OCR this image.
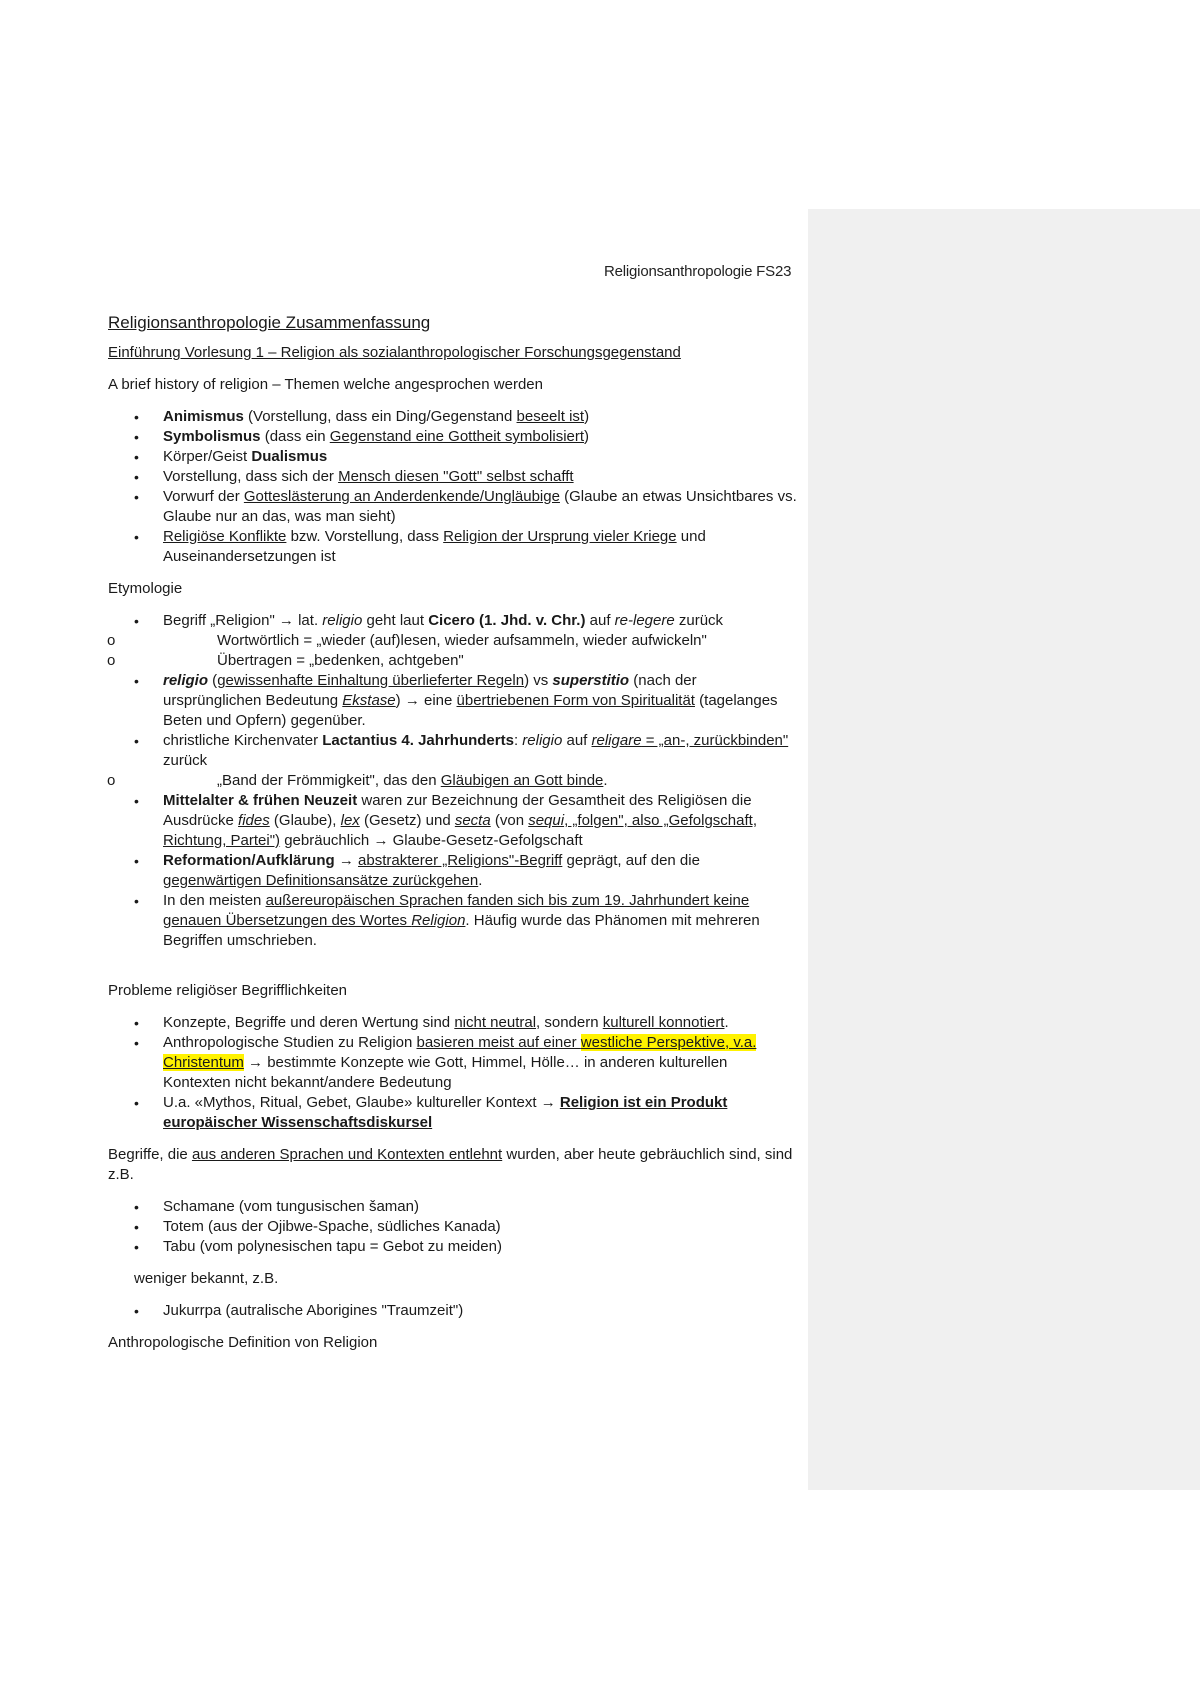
Religionsanthropologie FS23

Religionsanthropologie Zusammenfassung

Einführung Vorlesung 1 – Religion als sozialanthropologischer Forschungsgegenstand

A brief history of religion – Themen welche angesprochen werden

• Animismus (Vorstellung, dass ein Ding/Gegenstand beseelt ist)
• Symbolismus (dass ein Gegenstand eine Gottheit symbolisiert)
• Körper/Geist Dualismus
• Vorstellung, dass sich der Mensch diesen "Gott" selbst schafft
• Vorwurf der Gotteslästerung an Anderdenkende/Ungläubige (Glaube an etwas Unsichtbares vs. Glaube nur an das, was man sieht)
• Religiöse Konflikte bzw. Vorstellung, dass Religion der Ursprung vieler Kriege und Auseinandersetzungen ist

Etymologie

• Begriff „Religion" → lat. religio geht laut Cicero (1. Jhd. v. Chr.) auf re-legere zurück
o Wortwörtlich = „wieder (auf)lesen, wieder aufsammeln, wieder aufwickeln"
o Übertragen = „bedenken, achtgeben"
• religio (gewissenhafte Einhaltung überlieferter Regeln) vs superstitio (nach der ursprünglichen Bedeutung Ekstase) → eine übertriebenen Form von Spiritualität (tagelanges Beten und Opfern) gegenüber.
• christliche Kirchenvater Lactantius 4. Jahrhunderts: religio auf religare = „an-, zurückbinden" zurück
o „Band der Frömmigkeit", das den Gläubigen an Gott binde.
• Mittelalter & frühen Neuzeit waren zur Bezeichnung der Gesamtheit des Religiösen die Ausdrücke fides (Glaube), lex (Gesetz) und secta (von sequi, „folgen", also „Gefolgschaft, Richtung, Partei") gebräuchlich → Glaube-Gesetz-Gefolgschaft
• Reformation/Aufklärung → abstrakterer „Religions"-Begriff geprägt, auf den die gegenwärtigen Definitionsansätze zurückgehen.
• In den meisten außereuropäischen Sprachen fanden sich bis zum 19. Jahrhundert keine genauen Übersetzungen des Wortes Religion. Häufig wurde das Phänomen mit mehreren Begriffen umschrieben.

Probleme religiöser Begrifflichkeiten

• Konzepte, Begriffe und deren Wertung sind nicht neutral, sondern kulturell konnotiert.
• Anthropologische Studien zu Religion basieren meist auf einer westliche Perspektive, v.a. Christentum → bestimmte Konzepte wie Gott, Himmel, Hölle… in anderen kulturellen Kontexten nicht bekannt/andere Bedeutung
• U.a. «Mythos, Ritual, Gebet, Glaube» kultureller Kontext → Religion ist ein Produkt europäischer Wissenschaftsdiskursel

Begriffe, die aus anderen Sprachen und Kontexten entlehnt wurden, aber heute gebräuchlich sind, sind z.B.

• Schamane (vom tungusischen šaman)
• Totem (aus der Ojibwe-Spache, südliches Kanada)
• Tabu (vom polynesischen tapu = Gebot zu meiden)

weniger bekannt, z.B.

• Jukurrpa (autralische Aborigines "Traumzeit")

Anthropologische Definition von Religion
